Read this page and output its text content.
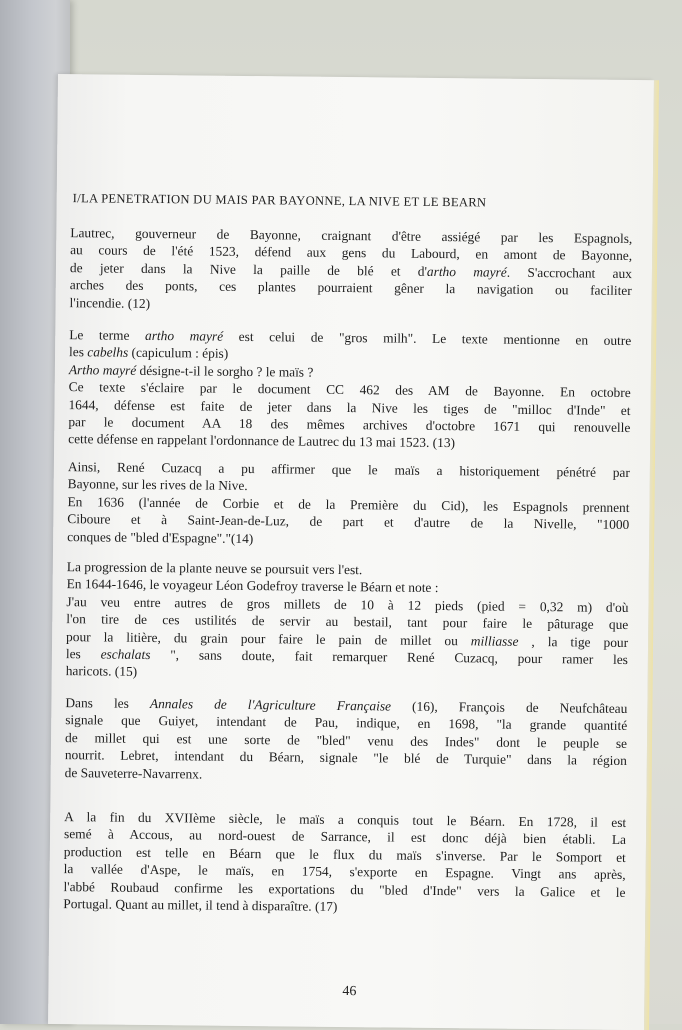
I/LA PENETRATION DU MAIS PAR BAYONNE, LA NIVE ET LE BEARN

Lautrec, gouverneur de Bayonne, craignant d'être assiégé par les Espagnols,
au cours de l'été 1523, défend aux gens du Labourd, en amont de Bayonne,
de jeter dans la Nive la paille de blé et d'artho mayré. S'accrochant aux
arches des ponts, ces plantes pourraient gêner la navigation ou faciliter
l'incendie. (12)

Le terme artho mayré est celui de "gros milh". Le texte mentionne en outre
les cabelhs (capiculum : épis)
Artho mayré désigne-t-il le sorgho ? le maïs ?
Ce texte s'éclaire par le document CC 462 des AM de Bayonne. En octobre
1644, défense est faite de jeter dans la Nive les tiges de "milloc d'Inde" et
par le document AA 18 des mêmes archives d'octobre 1671 qui renouvelle
cette défense en rappelant l'ordonnance de Lautrec du 13 mai 1523. (13)

Ainsi, René Cuzacq a pu affirmer que le maïs a historiquement pénétré par
Bayonne, sur les rives de la Nive.
En 1636 (l'année de Corbie et de la Première du Cid), les Espagnols prennent
Ciboure et à Saint-Jean-de-Luz, de part et d'autre de la Nivelle, "1000
conques de "bled d'Espagne"."(14)

La progression de la plante neuve se poursuit vers l'est.
En 1644-1646, le voyageur Léon Godefroy traverse le Béarn et note :
J'au veu entre autres de gros millets de 10 à 12 pieds (pied = 0,32 m) d'où
l'on tire de ces ustilités de servir au bestail, tant pour faire le pâturage que
pour la litière, du grain pour faire le pain de millet ou milliasse , la tige pour
les eschalats ", sans doute, fait remarquer René Cuzacq, pour ramer les
haricots. (15)

Dans les Annales de l'Agriculture Française (16), François de Neufchâteau
signale que Guiyet, intendant de Pau, indique, en 1698, "la grande quantité
de millet qui est une sorte de "bled" venu des Indes" dont le peuple se
nourrit. Lebret, intendant du Béarn, signale "le blé de Turquie" dans la région
de Sauveterre-Navarrenx.

A la fin du XVIIème siècle, le maïs a conquis tout le Béarn. En 1728, il est
semé à Accous, au nord-ouest de Sarrance, il est donc déjà bien établi. La
production est telle en Béarn que le flux du maïs s'inverse. Par le Somport et
la vallée d'Aspe, le maïs, en 1754, s'exporte en Espagne. Vingt ans après,
l'abbé Roubaud confirme les exportations du "bled d'Inde" vers la Galice et le
Portugal. Quant au millet, il tend à disparaître. (17)

46
